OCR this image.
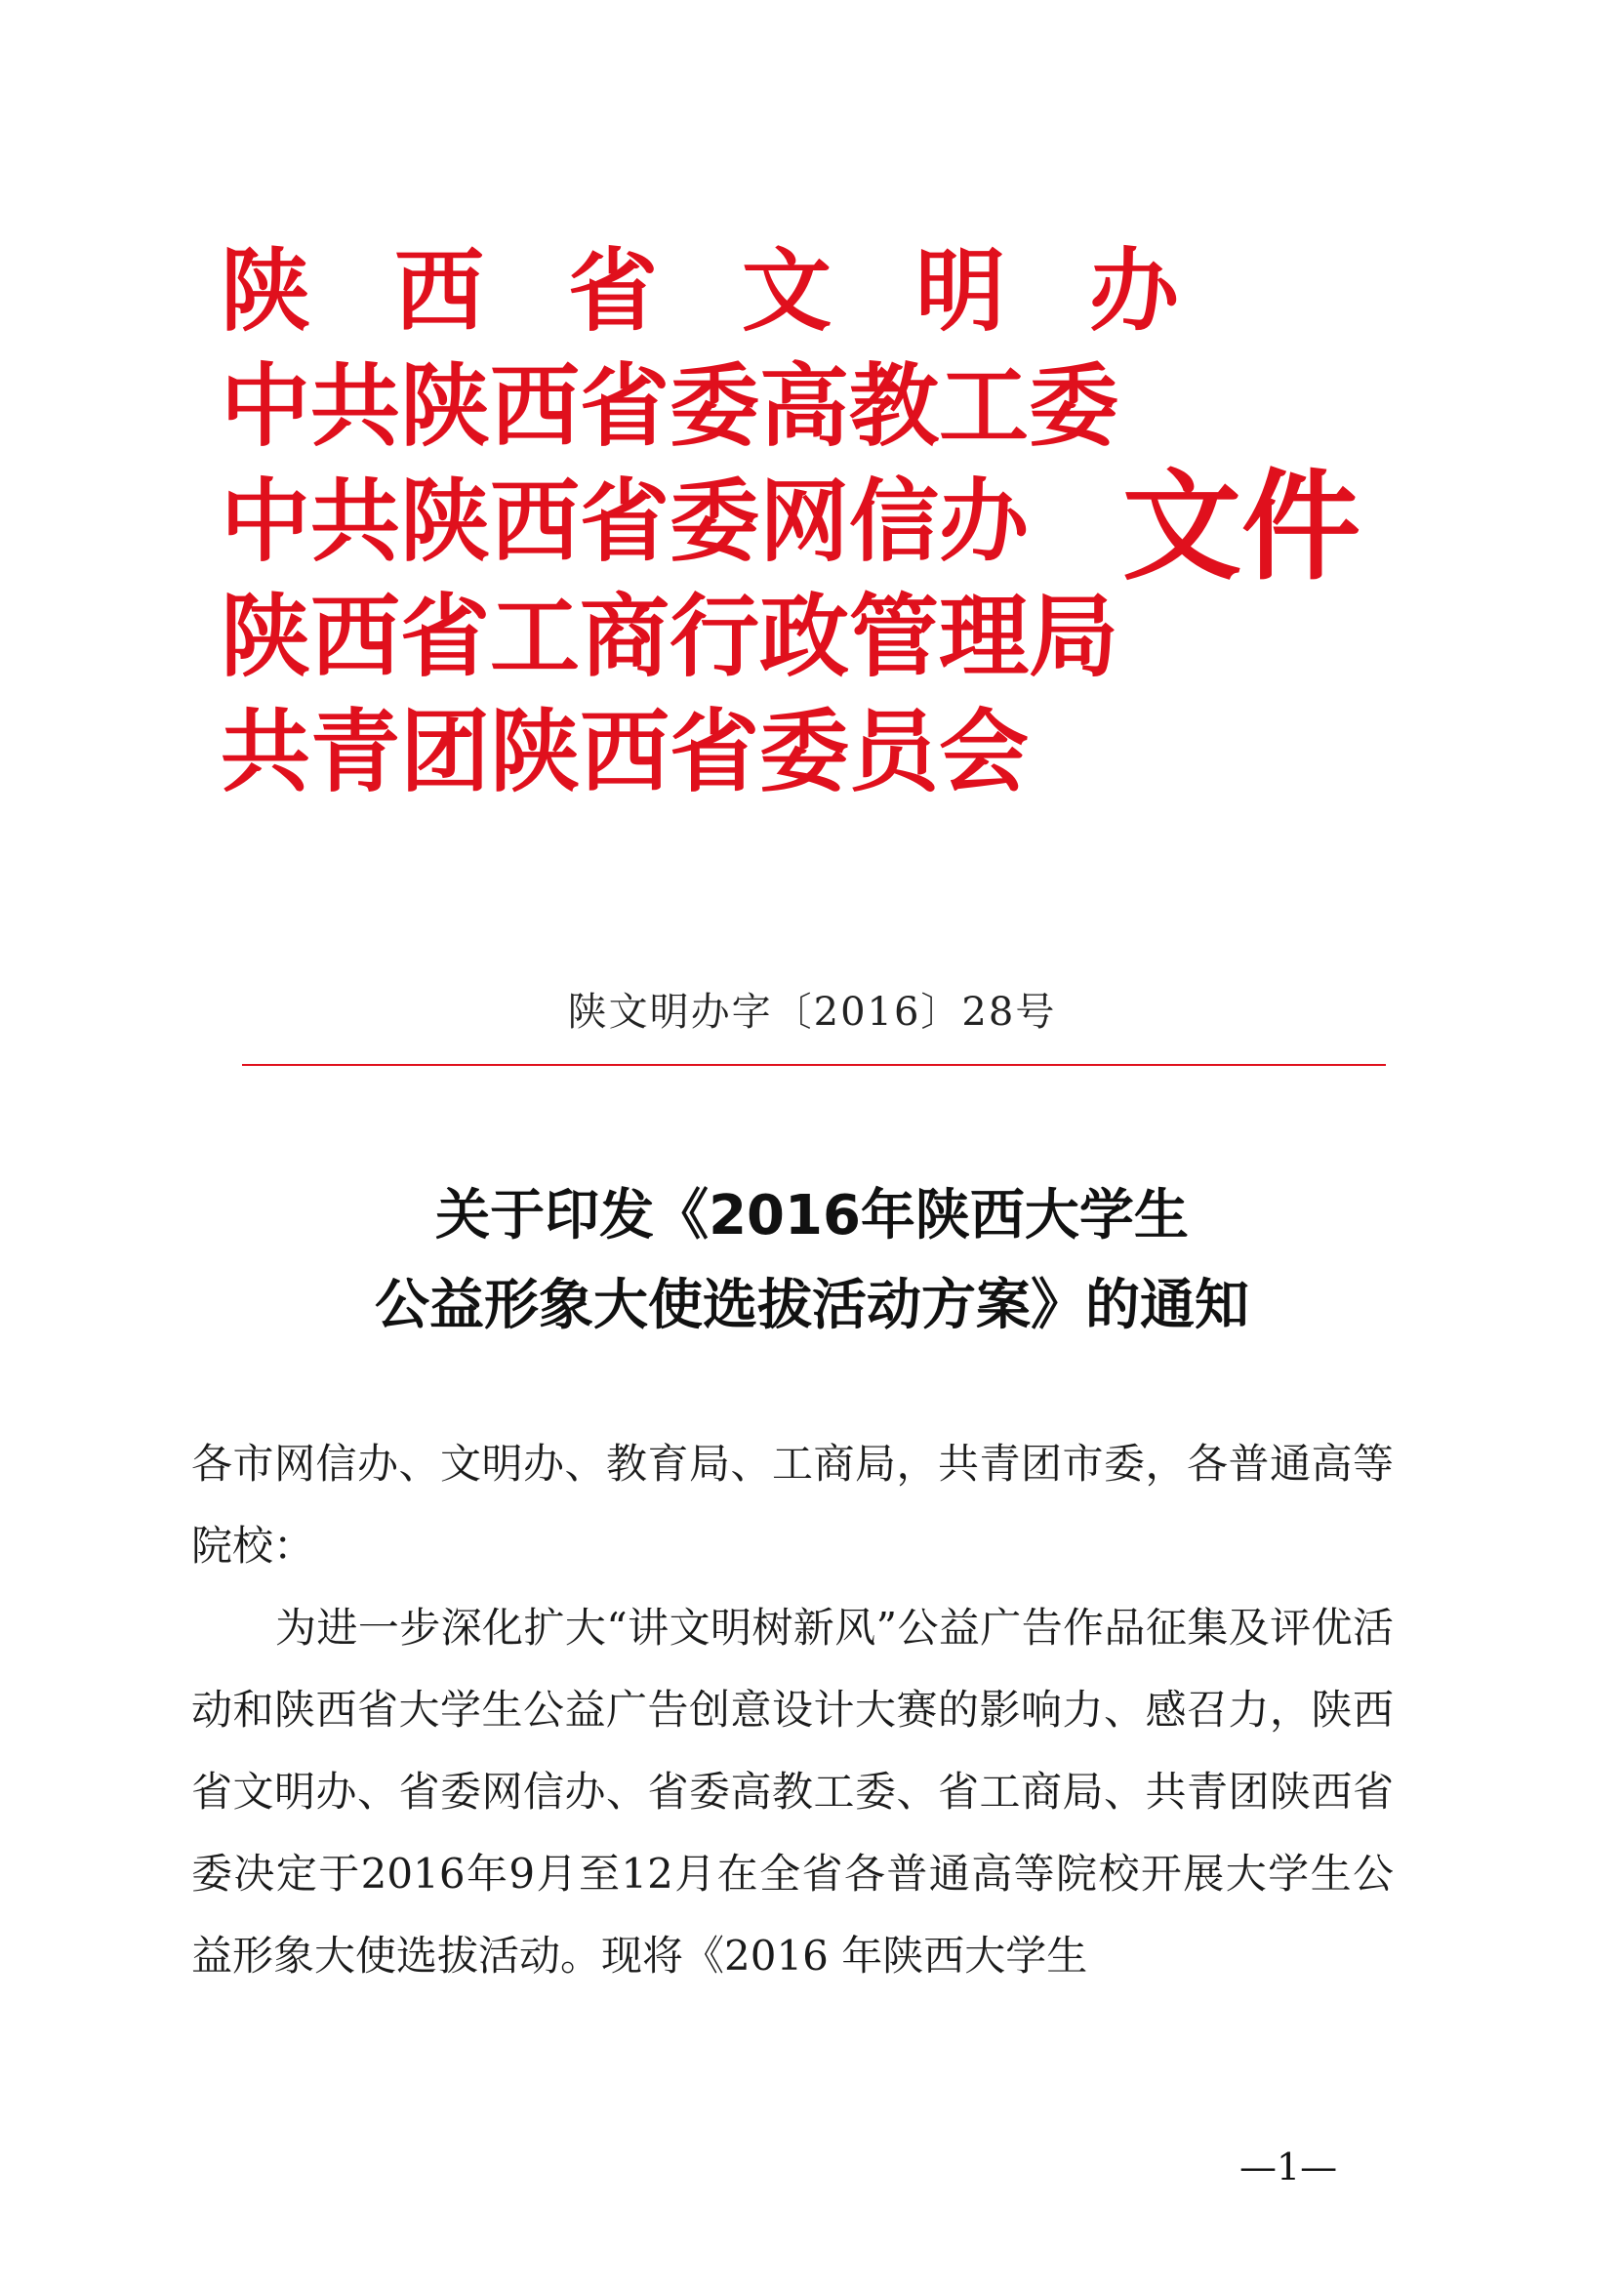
陕西省文明办
中共陕西省委高教工委
中共陕西省委网信办
陕西省工商行政管理局
共青团陕西省委员会
文件
陕文明办字〔2016〕28号
关于印发《2016年陕西大学生
公益形象大使选拔活动方案》的通知

各市网信办、文明办、教育局、工商局，共青团市委，各普通高等院校：

为进一步深化扩大“讲文明树新风”公益广告作品征集及评优活动和陕西省大学生公益广告创意设计大赛的影响力、感召力，陕西省文明办、省委网信办、省委高教工委、省工商局、共青团陕西省委决定于2016年9月至12月在全省各普通高等院校开展大学生公益形象大使选拔活动。现将《2016 年陕西大学生

—1—
